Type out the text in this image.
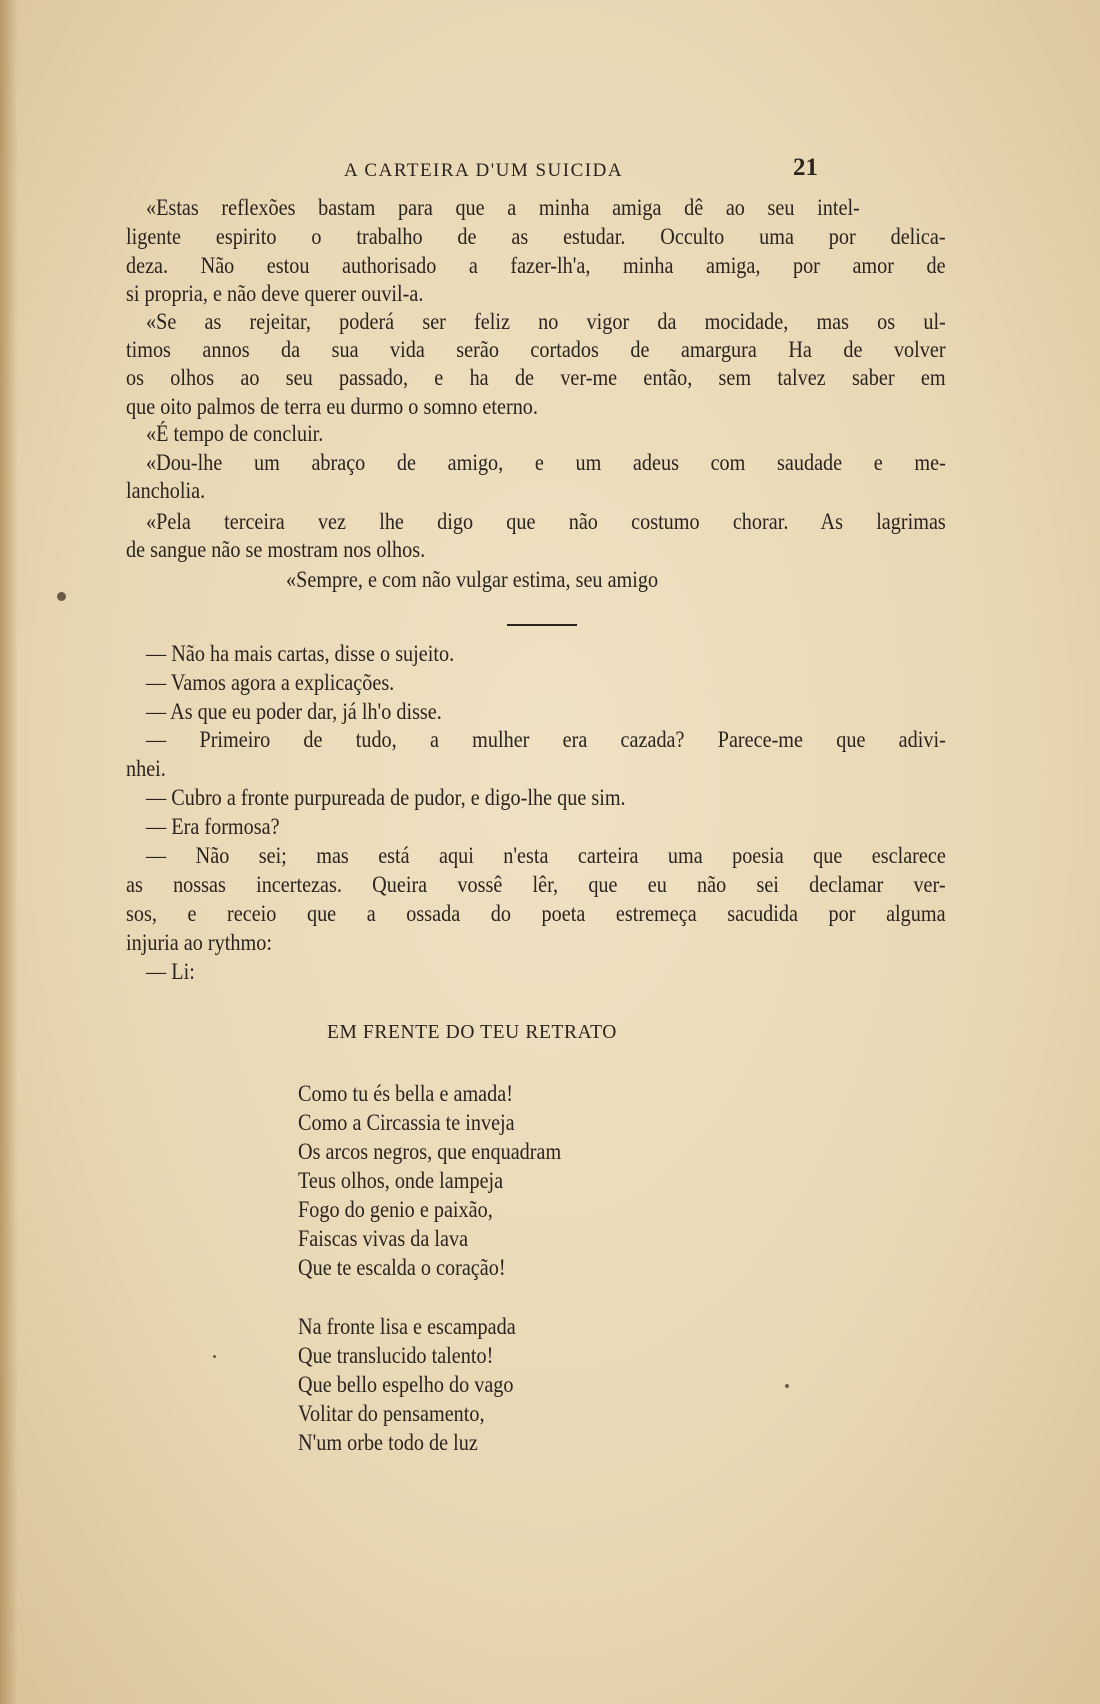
A CARTEIRA D'UM SUICIDA	21
«Estas reflexões bastam para que a minha amiga dê ao seu intel-
ligente espirito o trabalho de as estudar. Occulto uma por delica-
deza. Não estou authorisado a fazer-lh'a, minha amiga, por amor de
si propria, e não deve querer ouvil-a.
«Se as rejeitar, poderá ser feliz no vigor da mocidade, mas os ul-
timos annos da sua vida serão cortados de amargura Ha de volver
os olhos ao seu passado, e ha de ver-me então, sem talvez saber em
que oito palmos de terra eu durmo o somno eterno.
«É tempo de concluir.
«Dou-lhe um abraço de amigo, e um adeus com saudade e me-
lancholia.
«Pela terceira vez lhe digo que não costumo chorar. As lagrimas
de sangue não se mostram nos olhos.
«Sempre, e com não vulgar estima, seu amigo
— Não ha mais cartas, disse o sujeito.
— Vamos agora a explicações.
— As que eu poder dar, já lh'o disse.
— Primeiro de tudo, a mulher era cazada? Parece-me que adivi-
nhei.
— Cubro a fronte purpureada de pudor, e digo-lhe que sim.
— Era formosa?
— Não sei; mas está aqui n'esta carteira uma poesia que esclarece
as nossas incertezas. Queira vossê lêr, que eu não sei declamar ver-
sos, e receio que a ossada do poeta estremeça sacudida por alguma
injuria ao rythmo:
— Li:
EM FRENTE DO TEU RETRATO
Como tu és bella e amada!
Como a Circassia te inveja
Os arcos negros, que enquadram
Teus olhos, onde lampeja
Fogo do genio e paixão,
Faiscas vivas da lava
Que te escalda o coração!
Na fronte lisa e escampada
Que translucido talento!
Que bello espelho do vago
Volitar do pensamento,
N'um orbe todo de luz
